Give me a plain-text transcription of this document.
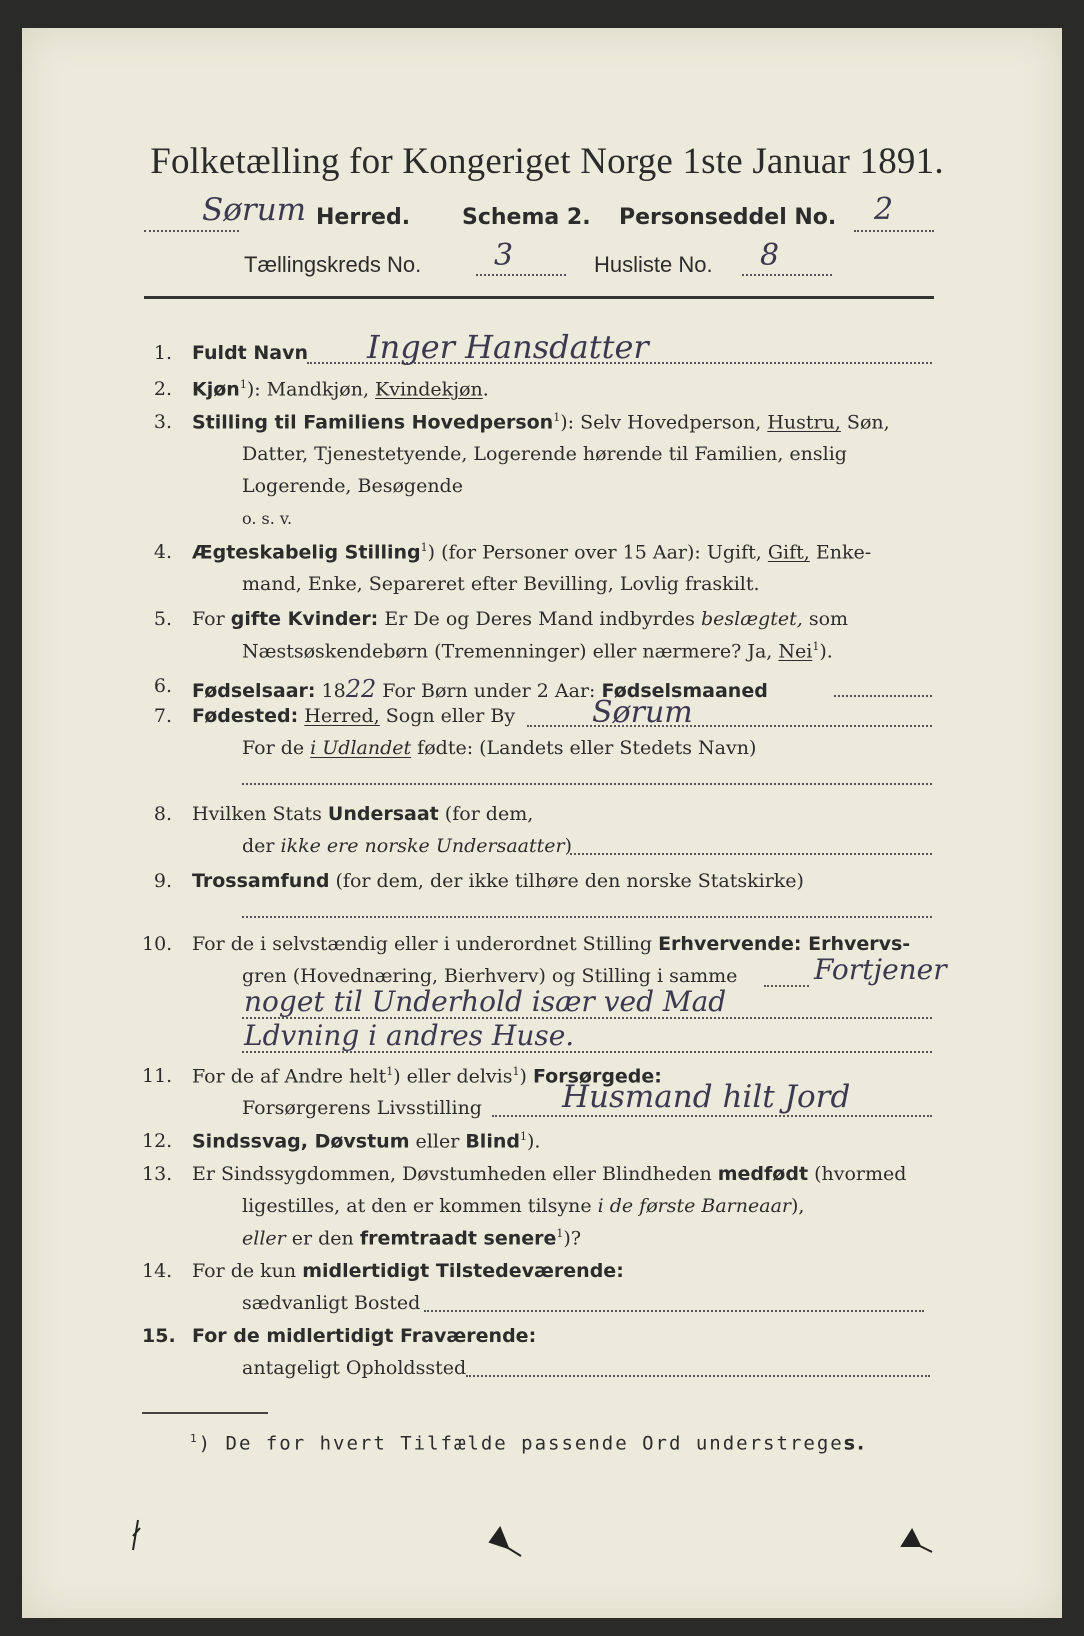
Folketælling for Kongeriget Norge 1ste Januar 1891.
Sørum Herred. Schema 2. Personseddel No. 2
Tællingskreds No. 3	Husliste No. 8
1. Fuldt Navn Inger Hansdatter
2. Kjøn$^1$): Mandkjøn, Kvindekjøn.
3. Stilling til Familiens Hovedperson$^1$): Selv Hovedperson, Hustru, Søn,
Datter, Tjenestetyende, Logerende hørende til Familien, enslig
Logerende, Besøgende
o. s. v.
4. Ægteskabelig Stilling$^1$) (for Personer over 15 Aar): Ugift, Gift, Enke-
mand, Enke, Separeret efter Bevilling, Lovlig fraskilt.
5. For gifte Kvinder: Er De og Deres Mand indbyrdes beslægtet, som
Næstsøskendebørn (Tremenninger) eller nærmere? Ja, Nei$^1$).
6. Fødselsaar: 1822 For Børn under 2 Aar: Fødselsmaaned
7. Fødested: Herred, Sogn eller By	Sørum
For de i Udlandet fødte: (Landets eller Stedets Navn)
8. Hvilken Stats Undersaat (for dem,
der ikke ere norske Undersaatter)
9. Trossamfund (for dem, der ikke tilhøre den norske Statskirke)
10. For de i selvstændig eller i underordnet Stilling Erhvervende: Erhvervs-
gren (Hovednæring, Bierhverv) og Stilling i samme	Fortjener
noget til Underhold især ved Mad
Ldvning i andres Huse.
11. For de af Andre helt$^1$) eller delvis$^1$) Forsørgede:
Forsørgerens Livsstilling	Husmand hilt Jord
12. Sindssvag, Døvstum eller Blind$^1$).
13. Er Sindssygdommen, Døvstumheden eller Blindheden medfødt (hvormed
ligestilles, at den er kommen tilsyne i de første Barneaar),
eller er den fremtraadt senere$^1$)?
14. For de kun midlertidigt Tilstedeværende:
sædvanligt Bosted
15. For de midlertidigt Fraværende:
antageligt Opholdssted
$^1$) De for hvert Tilfælde passende Ord understreges.
